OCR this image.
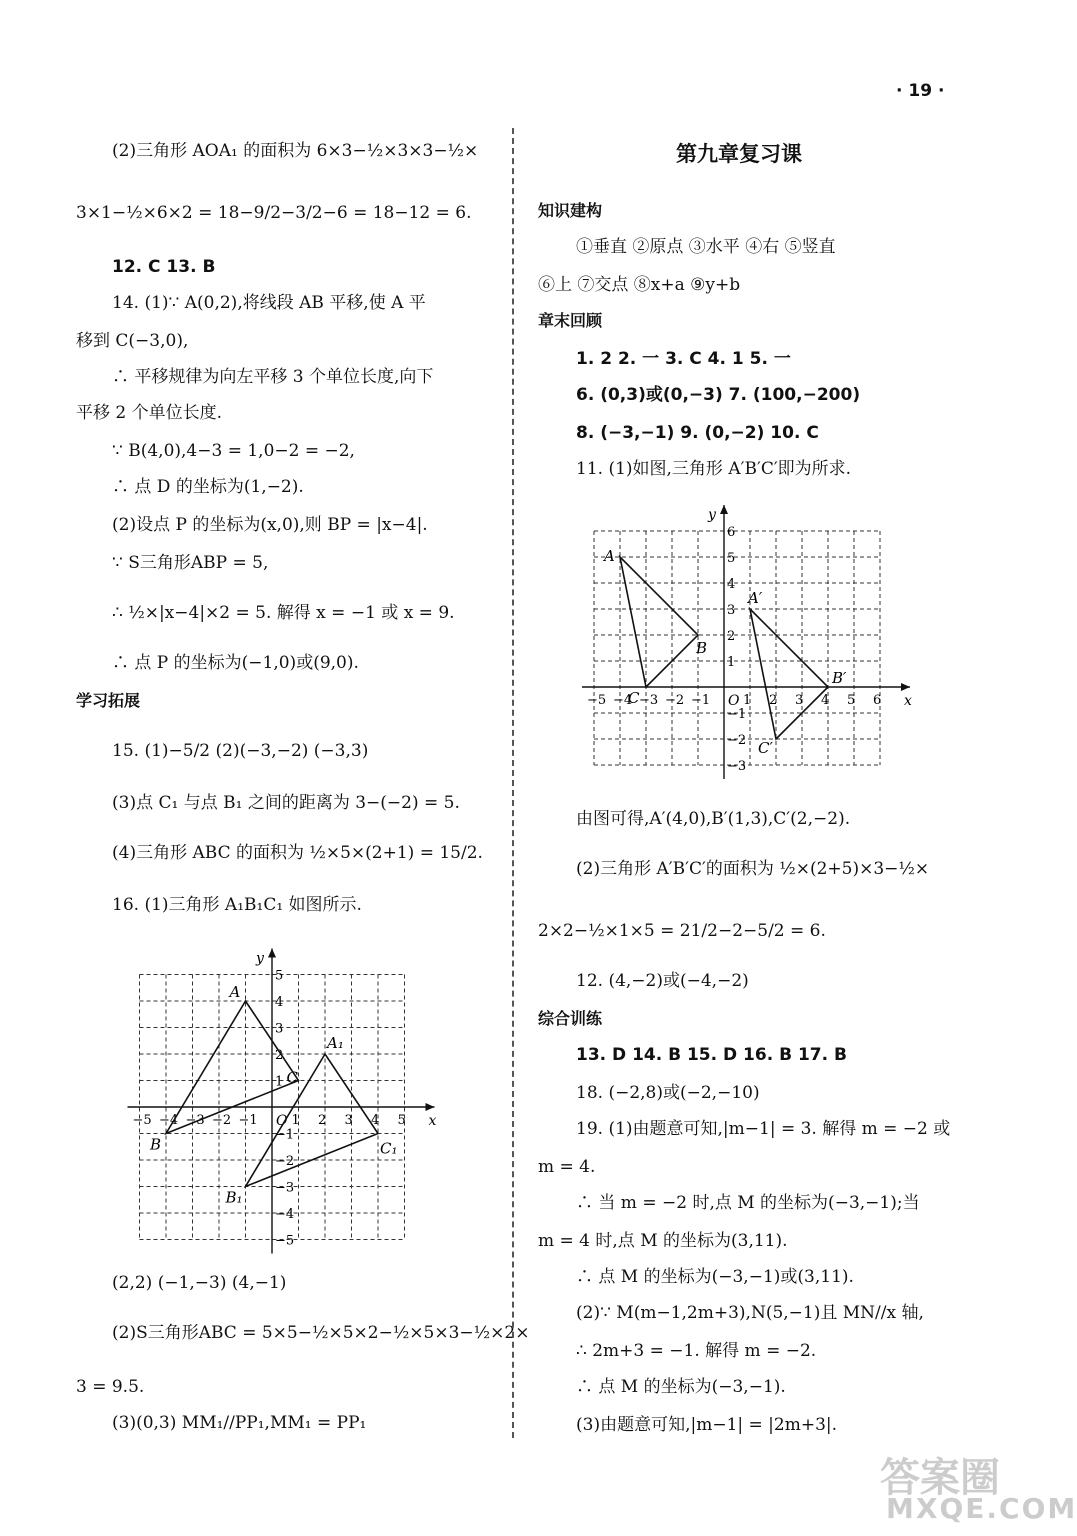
· 19 ·
(2)三角形 AOA₁ 的面积为 6×3−½×3×3−½×
3×1−½×6×2 = 18−9/2−3/2−6 = 18−12 = 6.
12. C 13. B
14. (1)∵ A(0,2),将线段 AB 平移,使 A 平
移到 C(−3,0),
∴ 平移规律为向左平移 3 个单位长度,向下
平移 2 个单位长度.
∵ B(4,0),4−3 = 1,0−2 = −2,
∴ 点 D 的坐标为(1,−2).
(2)设点 P 的坐标为(x,0),则 BP = |x−4|.
∵ S三角形ABP = 5,
∴ ½×|x−4|×2 = 5. 解得 x = −1 或 x = 9.
∴ 点 P 的坐标为(−1,0)或(9,0).
学习拓展
15. (1)−5/2 (2)(−3,−2) (−3,3)
(3)点 C₁ 与点 B₁ 之间的距离为 3−(−2) = 5.
(4)三角形 ABC 的面积为 ½×5×(2+1) = 15/2.
16. (1)三角形 A₁B₁C₁ 如图所示.
x
y
O
−5 −4 −3 −2 −1	1 2 3 4 5
5
4
3
2
1
−1
−2
−3
−4
−5
A
B
C
A₁
B₁
C₁
(2,2) (−1,−3) (4,−1)
(2)S三角形ABC = 5×5−½×5×2−½×5×3−½×2×
3 = 9.5.
(3)(0,3) MM₁//PP₁,MM₁ = PP₁
第九章复习课
知识建构
①垂直 ②原点 ③水平 ④右 ⑤竖直
⑥上 ⑦交点 ⑧x+a ⑨y+b
章末回顾
1. 2 2. 一 3. C 4. 1 5. 一
6. (0,3)或(0,−3) 7. (100,−200)
8. (−3,−1) 9. (0,−2) 10. C
11. (1)如图,三角形 A′B′C′即为所求.
x
y
O
−5 −4 −3 −2 −1	1 2 3 4 5 6
6
5
4
3
2
1
−1
−2
−3
A
B
C
A′
B′
C′
由图可得,A′(4,0),B′(1,3),C′(2,−2).
(2)三角形 A′B′C′的面积为 ½×(2+5)×3−½×
2×2−½×1×5 = 21/2−2−5/2 = 6.
12. (4,−2)或(−4,−2)
综合训练
13. D 14. B 15. D 16. B 17. B
18. (−2,8)或(−2,−10)
19. (1)由题意可知,|m−1| = 3. 解得 m = −2 或
m = 4.
∴ 当 m = −2 时,点 M 的坐标为(−3,−1);当
m = 4 时,点 M 的坐标为(3,11).
∴ 点 M 的坐标为(−3,−1)或(3,11).
(2)∵ M(m−1,2m+3),N(5,−1)且 MN//x 轴,
∴ 2m+3 = −1. 解得 m = −2.
∴ 点 M 的坐标为(−3,−1).
(3)由题意可知,|m−1| = |2m+3|.
答案圈
MXQE.COM
